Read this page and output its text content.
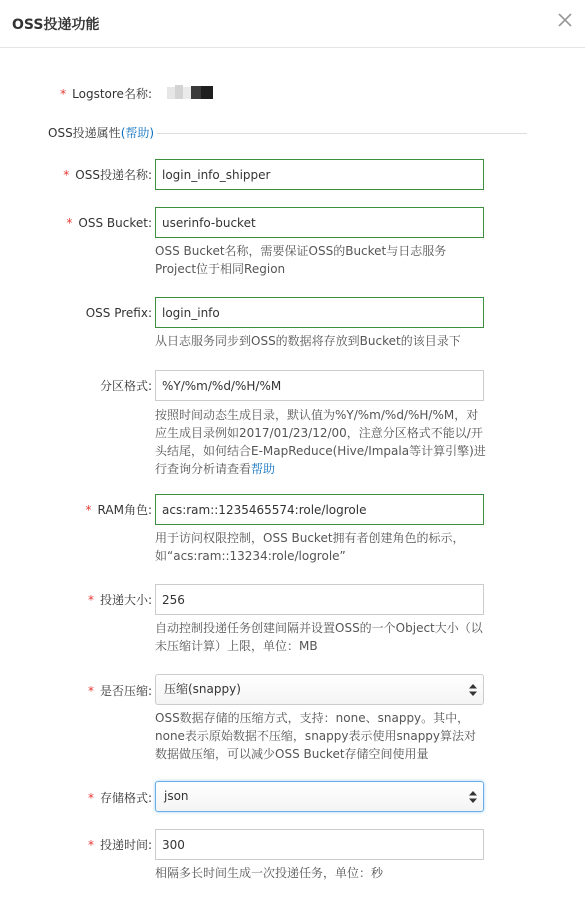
OSS投递功能
* Logstore名称:
OSS投递属性(帮助)
* OSS投递名称:
login_info_shipper
* OSS Bucket:
userinfo-bucket
OSS Bucket名称，需要保证OSS的Bucket与日志服务Project位于相同Region
OSS Prefix:
login_info
从日志服务同步到OSS的数据将存放到Bucket的该目录下
分区格式:
%Y/%m/%d/%H/%M
按照时间动态生成目录，默认值为%Y/%m/%d/%H/%M，对应生成目录例如2017/01/23/12/00，注意分区格式不能以/开头结尾，如何结合E-MapReduce(Hive/Impala等计算引擎)进行查询分析请查看帮助
* RAM角色:
acs:ram::1235465574:role/logrole
用于访问权限控制，OSS Bucket拥有者创建角色的标示，如“acs:ram::13234:role/logrole”
* 投递大小:
256
自动控制投递任务创建间隔并设置OSS的一个Object大小（以未压缩计算）上限，单位：MB
* 是否压缩:	压缩(snappy)
OSS数据存储的压缩方式，支持：none、snappy。其中，none表示原始数据不压缩，snappy表示使用snappy算法对数据做压缩，可以减少OSS Bucket存储空间使用量
* 存储格式:	json
* 投递时间:
300
相隔多长时间生成一次投递任务，单位：秒
